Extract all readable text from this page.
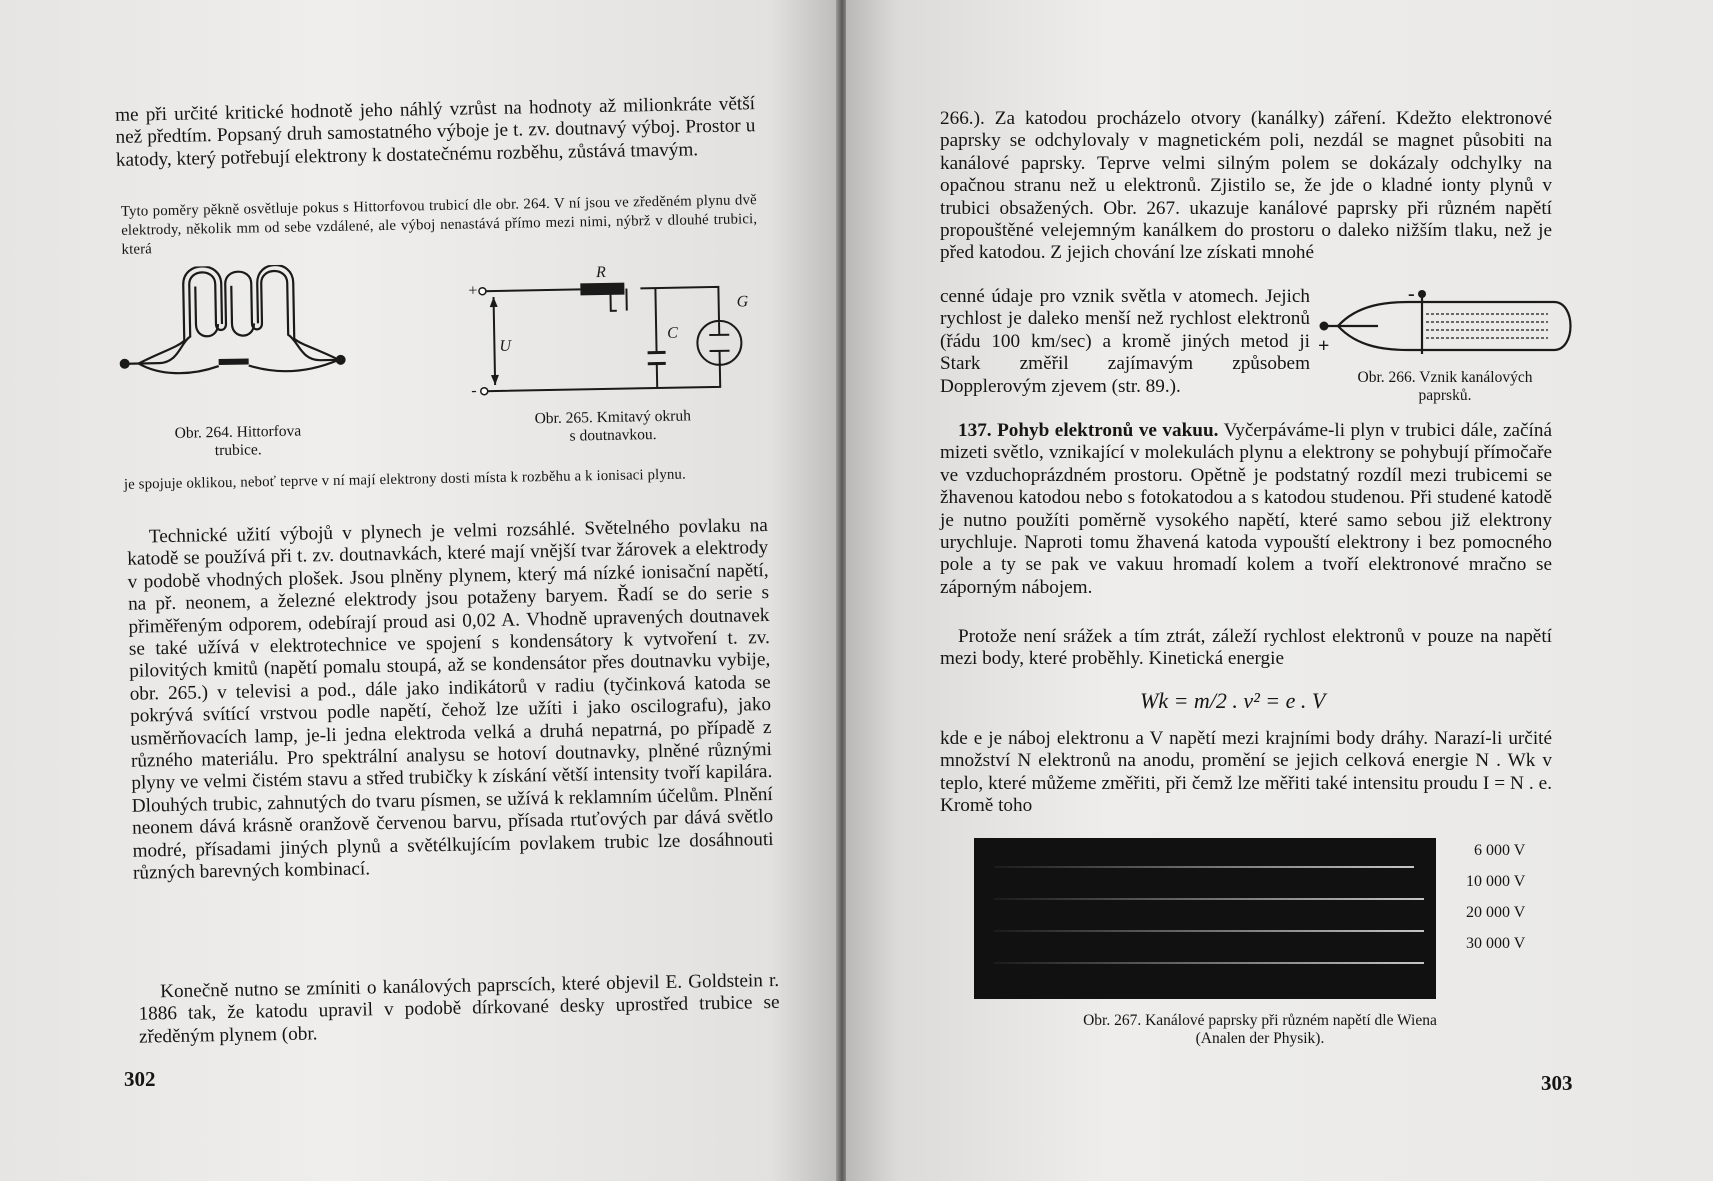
me při určité kritické hodnotě jeho náhlý vzrůst na hodnoty až milionkráte větší než předtím. Popsaný druh samostatného výboje je t. zv. doutnavý výboj. Prostor u katody, který potřebují elektrony k dostatečnému rozběhu, zůstává tmavým.
Tyto poměry pěkně osvětluje pokus s Hittorfovou trubicí dle obr. 264. V ní jsou ve zředěném plynu dvě elektrody, několik mm od sebe vzdálené, ale výboj nenastává přímo mezi nimi, nýbrž v dlouhé trubici, která
Obr. 264. Hittorfova
trubice.
R
C
U
G
+
-
Obr. 265. Kmitavý okruh
s doutnavkou.
je spojuje oklikou, neboť teprve v ní mají elektrony dosti místa k rozběhu a k ionisaci plynu.
Technické užití výbojů v plynech je velmi rozsáhlé. Světelného povlaku na katodě se používá při t. zv. doutnavkách, které mají vnější tvar žárovek a elektrody v podobě vhodných plošek. Jsou plněny plynem, který má nízké ionisační napětí, na př. neonem, a železné elektrody jsou potaženy baryem. Řadí se do serie s přiměřeným odporem, odebírají proud asi 0,02 A. Vhodně upravených doutnavek se také užívá v elektrotechnice ve spojení s kondensátory k vytvoření t. zv. pilovitých kmitů (napětí pomalu stoupá, až se kondensátor přes doutnavku vybije, obr. 265.) v televisi a pod., dále jako indikátorů v radiu (tyčinková katoda se pokrývá svítící vrstvou podle napětí, čehož lze užíti i jako oscilografu), jako usměrňovacích lamp, je-li jedna elektroda velká a druhá nepatrná, po případě z různého materiálu. Pro spektrální analysu se hotoví doutnavky, plněné různými plyny ve velmi čistém stavu a střed trubičky k získání větší intensity tvoří kapilára. Dlouhých trubic, zahnutých do tvaru písmen, se užívá k reklamním účelům. Plnění neonem dává krásně oranžově červenou barvu, přísada rtuťových par dává světlo modré, přísadami jiných plynů a světélkujícím povlakem trubic lze dosáhnouti různých barevných kombinací.
Konečně nutno se zmíniti o kanálových paprscích, které objevil E. Goldstein r. 1886 tak, že katodu upravil v podobě dírkované desky uprostřed trubice se zředěným plynem (obr.
302
266.). Za katodou procházelo otvory (kanálky) záření. Kdežto elektronové paprsky se odchylovaly v magnetickém poli, nezdál se magnet působiti na kanálové paprsky. Teprve velmi silným polem se dokázaly odchylky na opačnou stranu než u elektronů. Zjistilo se, že jde o kladné ionty plynů v trubici obsažených. Obr. 267. ukazuje kanálové paprsky při různém napětí propouštěné velejemným kanálkem do prostoru o daleko nižším tlaku, než je před katodou. Z jejich chování lze získati mnohé
cenné údaje pro vznik světla v atomech. Jejich rychlost je daleko menší než rychlost elektronů (řádu 100 km/sec) a kromě jiných metod ji Stark změřil zajímavým způsobem Dopplerovým zjevem (str. 89.).
-
+
Obr. 266. Vznik kanálových
paprsků.
137. Pohyb elektronů ve vakuu. Vyčerpáváme-li plyn v trubici dále, začíná mizeti světlo, vznikající v molekulách plynu a elektrony se pohybují přímočaře ve vzduchoprázdném prostoru. Opětně je podstatný rozdíl mezi trubicemi se žhavenou katodou nebo s fotokatodou a s katodou studenou. Při studené katodě je nutno použíti poměrně vysokého napětí, které samo sebou již elektrony urychluje. Naproti tomu žhavená katoda vypouští elektrony i bez pomocného pole a ty se pak ve vakuu hromadí kolem a tvoří elektronové mračno se záporným nábojem.
Protože není srážek a tím ztrát, záleží rychlost elektronů v pouze na napětí mezi body, které proběhly. Kinetická energie
Wk = m/2 . v² = e . V
kde e je náboj elektronu a V napětí mezi krajními body dráhy. Narazí-li určité množství N elektronů na anodu, promění se jejich celková energie N . Wk v teplo, které můžeme změřiti, při čemž lze měřiti také intensitu proudu I = N . e. Kromě toho
6 000 V
10 000 V
20 000 V
30 000 V
Obr. 267. Kanálové paprsky při různém napětí dle Wiena
(Analen der Physik).
303
